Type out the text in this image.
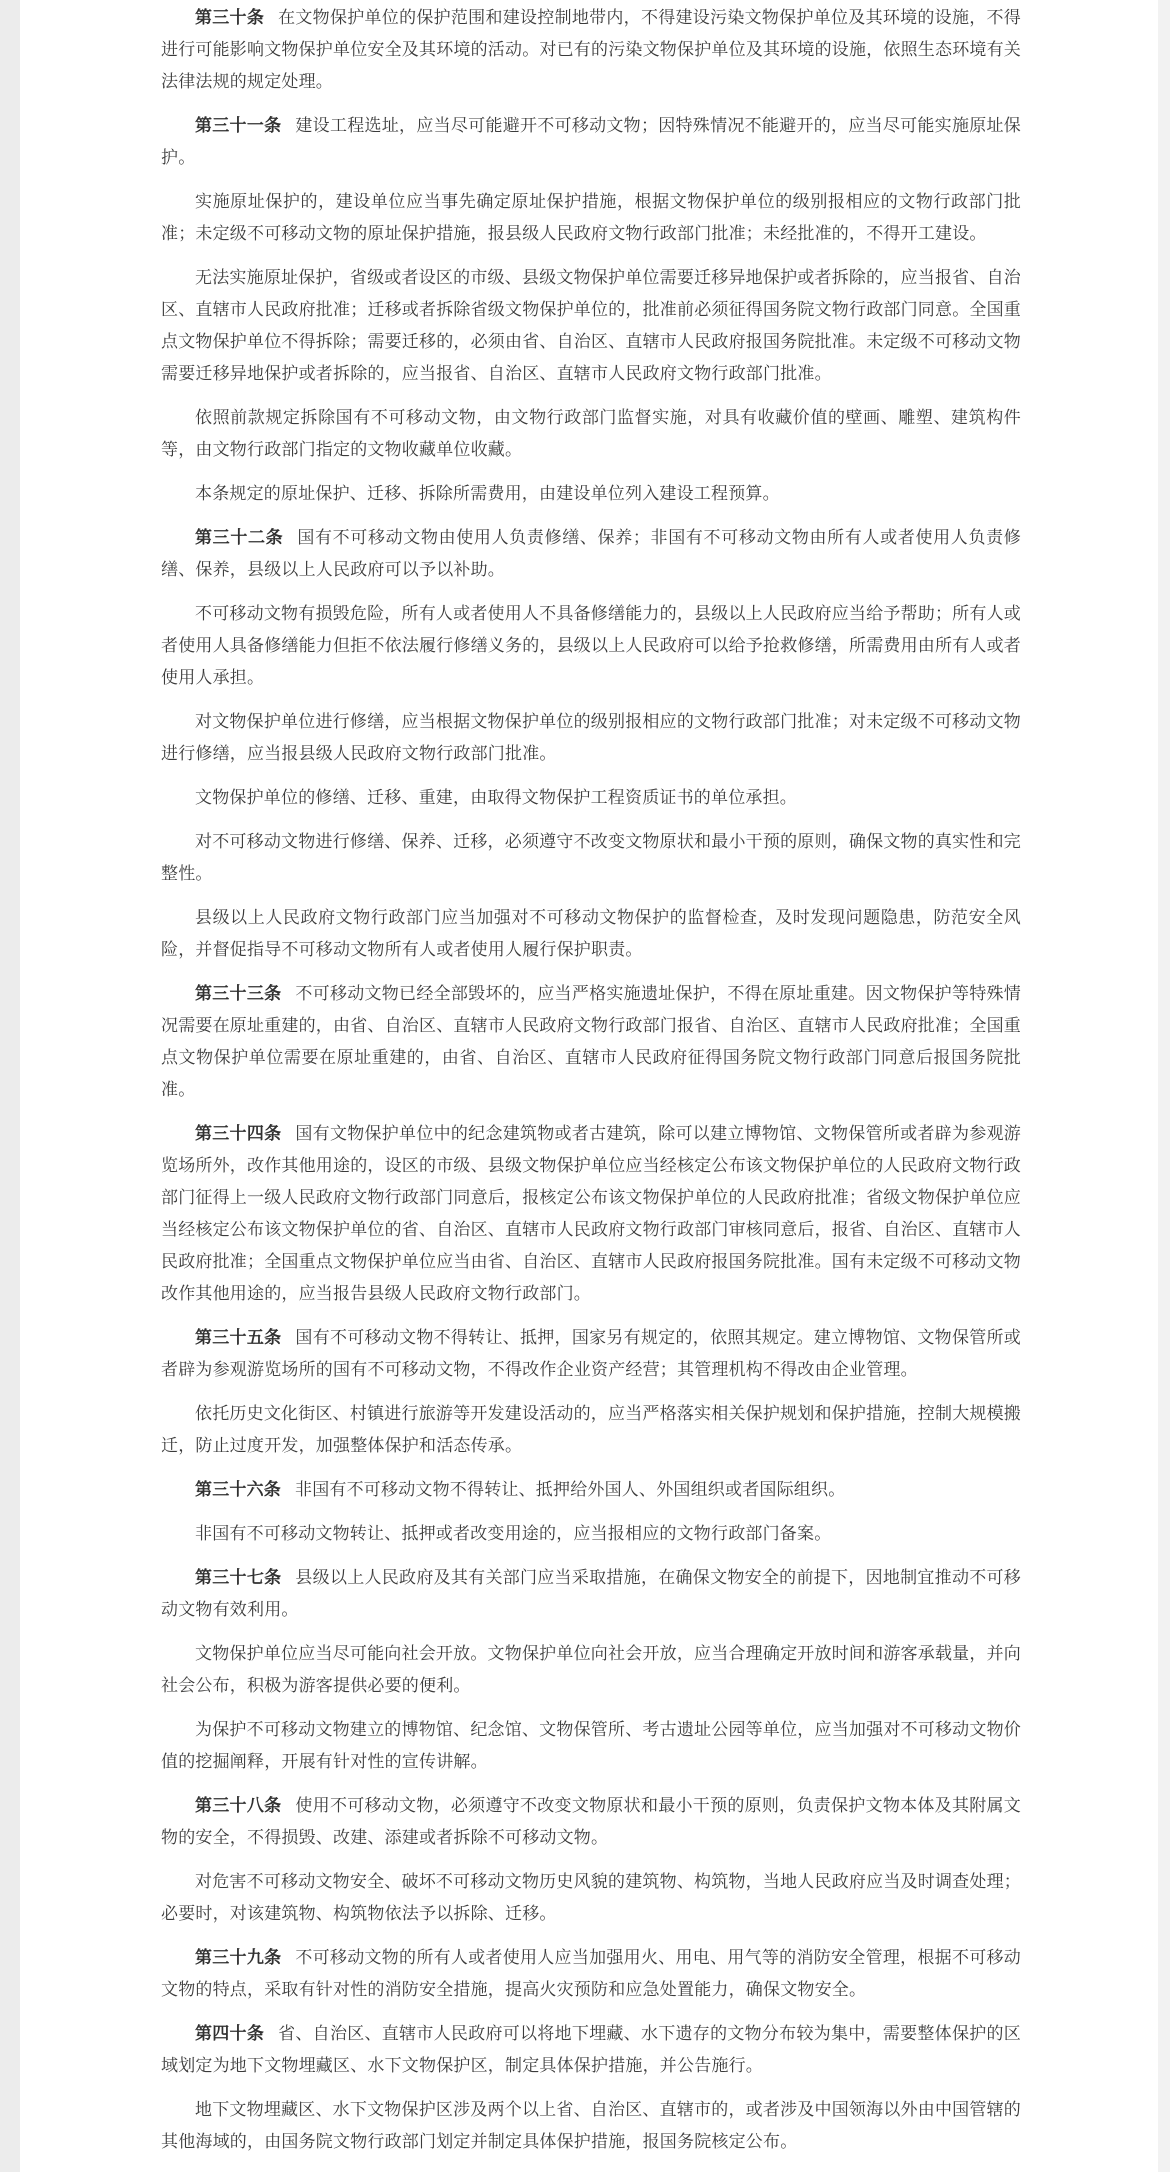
第三十条 在文物保护单位的保护范围和建设控制地带内，不得建设污染文物保护单位及其环境的设施，不得进行可能影响文物保护单位安全及其环境的活动。对已有的污染文物保护单位及其环境的设施，依照生态环境有关法律法规的规定处理。

第三十一条 建设工程选址，应当尽可能避开不可移动文物；因特殊情况不能避开的，应当尽可能实施原址保护。

实施原址保护的，建设单位应当事先确定原址保护措施，根据文物保护单位的级别报相应的文物行政部门批准；未定级不可移动文物的原址保护措施，报县级人民政府文物行政部门批准；未经批准的，不得开工建设。

无法实施原址保护，省级或者设区的市级、县级文物保护单位需要迁移异地保护或者拆除的，应当报省、自治区、直辖市人民政府批准；迁移或者拆除省级文物保护单位的，批准前必须征得国务院文物行政部门同意。全国重点文物保护单位不得拆除；需要迁移的，必须由省、自治区、直辖市人民政府报国务院批准。未定级不可移动文物需要迁移异地保护或者拆除的，应当报省、自治区、直辖市人民政府文物行政部门批准。

依照前款规定拆除国有不可移动文物，由文物行政部门监督实施，对具有收藏价值的壁画、雕塑、建筑构件等，由文物行政部门指定的文物收藏单位收藏。

本条规定的原址保护、迁移、拆除所需费用，由建设单位列入建设工程预算。

第三十二条 国有不可移动文物由使用人负责修缮、保养；非国有不可移动文物由所有人或者使用人负责修缮、保养，县级以上人民政府可以予以补助。

不可移动文物有损毁危险，所有人或者使用人不具备修缮能力的，县级以上人民政府应当给予帮助；所有人或者使用人具备修缮能力但拒不依法履行修缮义务的，县级以上人民政府可以给予抢救修缮，所需费用由所有人或者使用人承担。

对文物保护单位进行修缮，应当根据文物保护单位的级别报相应的文物行政部门批准；对未定级不可移动文物进行修缮，应当报县级人民政府文物行政部门批准。

文物保护单位的修缮、迁移、重建，由取得文物保护工程资质证书的单位承担。

对不可移动文物进行修缮、保养、迁移，必须遵守不改变文物原状和最小干预的原则，确保文物的真实性和完整性。

县级以上人民政府文物行政部门应当加强对不可移动文物保护的监督检查，及时发现问题隐患，防范安全风险，并督促指导不可移动文物所有人或者使用人履行保护职责。

第三十三条 不可移动文物已经全部毁坏的，应当严格实施遗址保护，不得在原址重建。因文物保护等特殊情况需要在原址重建的，由省、自治区、直辖市人民政府文物行政部门报省、自治区、直辖市人民政府批准；全国重点文物保护单位需要在原址重建的，由省、自治区、直辖市人民政府征得国务院文物行政部门同意后报国务院批准。

第三十四条 国有文物保护单位中的纪念建筑物或者古建筑，除可以建立博物馆、文物保管所或者辟为参观游览场所外，改作其他用途的，设区的市级、县级文物保护单位应当经核定公布该文物保护单位的人民政府文物行政部门征得上一级人民政府文物行政部门同意后，报核定公布该文物保护单位的人民政府批准；省级文物保护单位应当经核定公布该文物保护单位的省、自治区、直辖市人民政府文物行政部门审核同意后，报省、自治区、直辖市人民政府批准；全国重点文物保护单位应当由省、自治区、直辖市人民政府报国务院批准。国有未定级不可移动文物改作其他用途的，应当报告县级人民政府文物行政部门。

第三十五条 国有不可移动文物不得转让、抵押，国家另有规定的，依照其规定。建立博物馆、文物保管所或者辟为参观游览场所的国有不可移动文物，不得改作企业资产经营；其管理机构不得改由企业管理。

依托历史文化街区、村镇进行旅游等开发建设活动的，应当严格落实相关保护规划和保护措施，控制大规模搬迁，防止过度开发，加强整体保护和活态传承。

第三十六条 非国有不可移动文物不得转让、抵押给外国人、外国组织或者国际组织。

非国有不可移动文物转让、抵押或者改变用途的，应当报相应的文物行政部门备案。

第三十七条 县级以上人民政府及其有关部门应当采取措施，在确保文物安全的前提下，因地制宜推动不可移动文物有效利用。

文物保护单位应当尽可能向社会开放。文物保护单位向社会开放，应当合理确定开放时间和游客承载量，并向社会公布，积极为游客提供必要的便利。

为保护不可移动文物建立的博物馆、纪念馆、文物保管所、考古遗址公园等单位，应当加强对不可移动文物价值的挖掘阐释，开展有针对性的宣传讲解。

第三十八条 使用不可移动文物，必须遵守不改变文物原状和最小干预的原则，负责保护文物本体及其附属文物的安全，不得损毁、改建、添建或者拆除不可移动文物。

对危害不可移动文物安全、破坏不可移动文物历史风貌的建筑物、构筑物，当地人民政府应当及时调查处理；必要时，对该建筑物、构筑物依法予以拆除、迁移。

第三十九条 不可移动文物的所有人或者使用人应当加强用火、用电、用气等的消防安全管理，根据不可移动文物的特点，采取有针对性的消防安全措施，提高火灾预防和应急处置能力，确保文物安全。

第四十条 省、自治区、直辖市人民政府可以将地下埋藏、水下遗存的文物分布较为集中，需要整体保护的区域划定为地下文物埋藏区、水下文物保护区，制定具体保护措施，并公告施行。

地下文物埋藏区、水下文物保护区涉及两个以上省、自治区、直辖市的，或者涉及中国领海以外由中国管辖的其他海域的，由国务院文物行政部门划定并制定具体保护措施，报国务院核定公布。
